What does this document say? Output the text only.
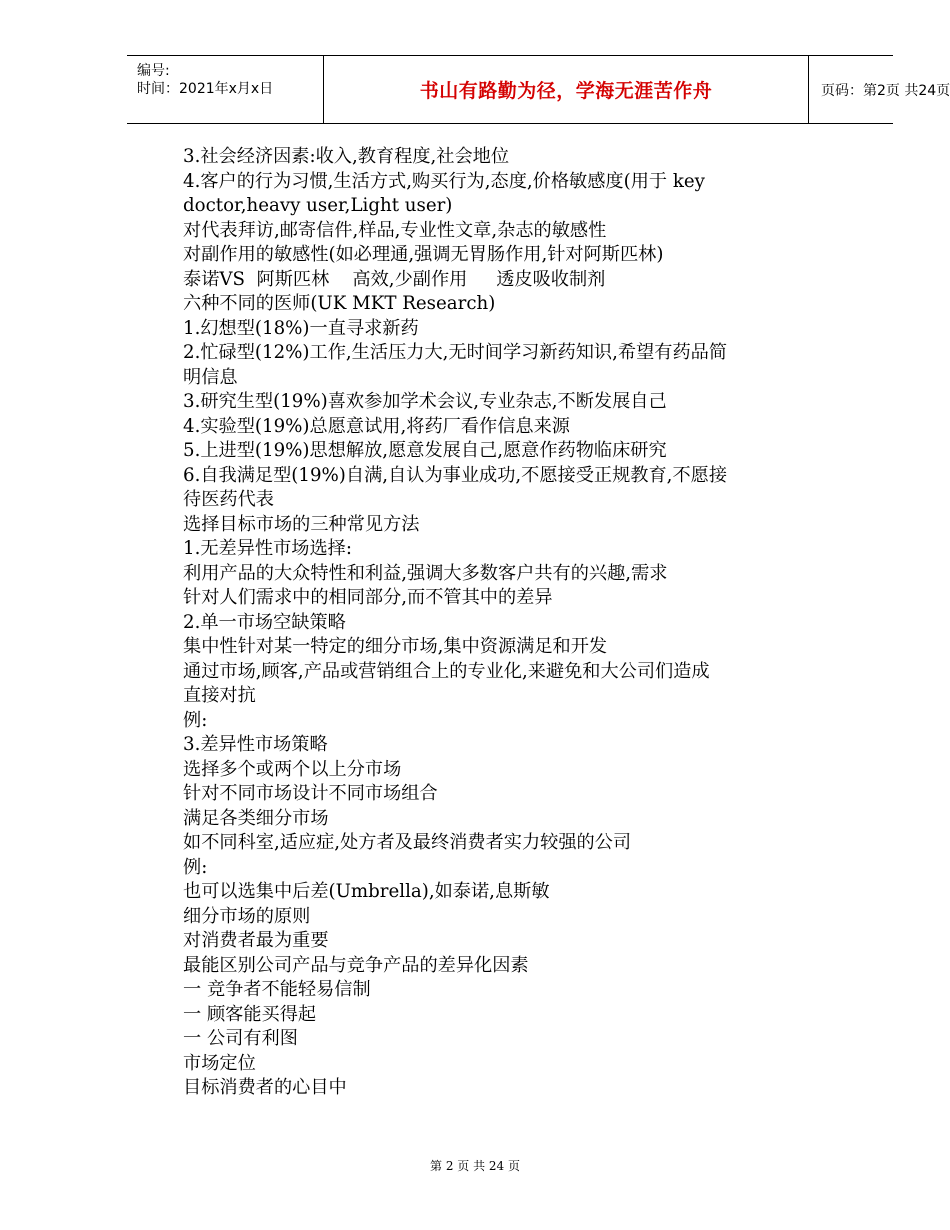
编号:
时间：2021年x月x日	书山有路勤为径，学海无涯苦作舟	页码：第2页 共24页
3.社会经济因素:收入,教育程度,社会地位
4.客户的行为习惯,生活方式,购买行为,态度,价格敏感度(用于 key
doctor,heavy user,Light user)
对代表拜访,邮寄信件,样品,专业性文章,杂志的敏感性
对副作用的敏感性(如必理通,强调无胃肠作用,针对阿斯匹林)
泰诺VS  阿斯匹林    高效,少副作用     透皮吸收制剂
六种不同的医师(UK MKT Research)
1.幻想型(18%)一直寻求新药
2.忙碌型(12%)工作,生活压力大,无时间学习新药知识,希望有药品简
明信息
3.研究生型(19%)喜欢参加学术会议,专业杂志,不断发展自己
4.实验型(19%)总愿意试用,将药厂看作信息来源
5.上进型(19%)思想解放,愿意发展自己,愿意作药物临床研究
6.自我满足型(19%)自满,自认为事业成功,不愿接受正规教育,不愿接
待医药代表
选择目标市场的三种常见方法
1.无差异性市场选择:
利用产品的大众特性和利益,强调大多数客户共有的兴趣,需求
针对人们需求中的相同部分,而不管其中的差异
2.单一市场空缺策略
集中性针对某一特定的细分市场,集中资源满足和开发
通过市场,顾客,产品或营销组合上的专业化,来避免和大公司们造成
直接对抗
例:
3.差异性市场策略
选择多个或两个以上分市场
针对不同市场设计不同市场组合
满足各类细分市场
如不同科室,适应症,处方者及最终消费者实力较强的公司
例:
也可以选集中后差(Umbrella),如泰诺,息斯敏
细分市场的原则
对消费者最为重要
最能区别公司产品与竞争产品的差异化因素
一 竞争者不能轻易信制
一 顾客能买得起
一 公司有利图
市场定位
目标消费者的心目中
第 2 页 共 24 页
